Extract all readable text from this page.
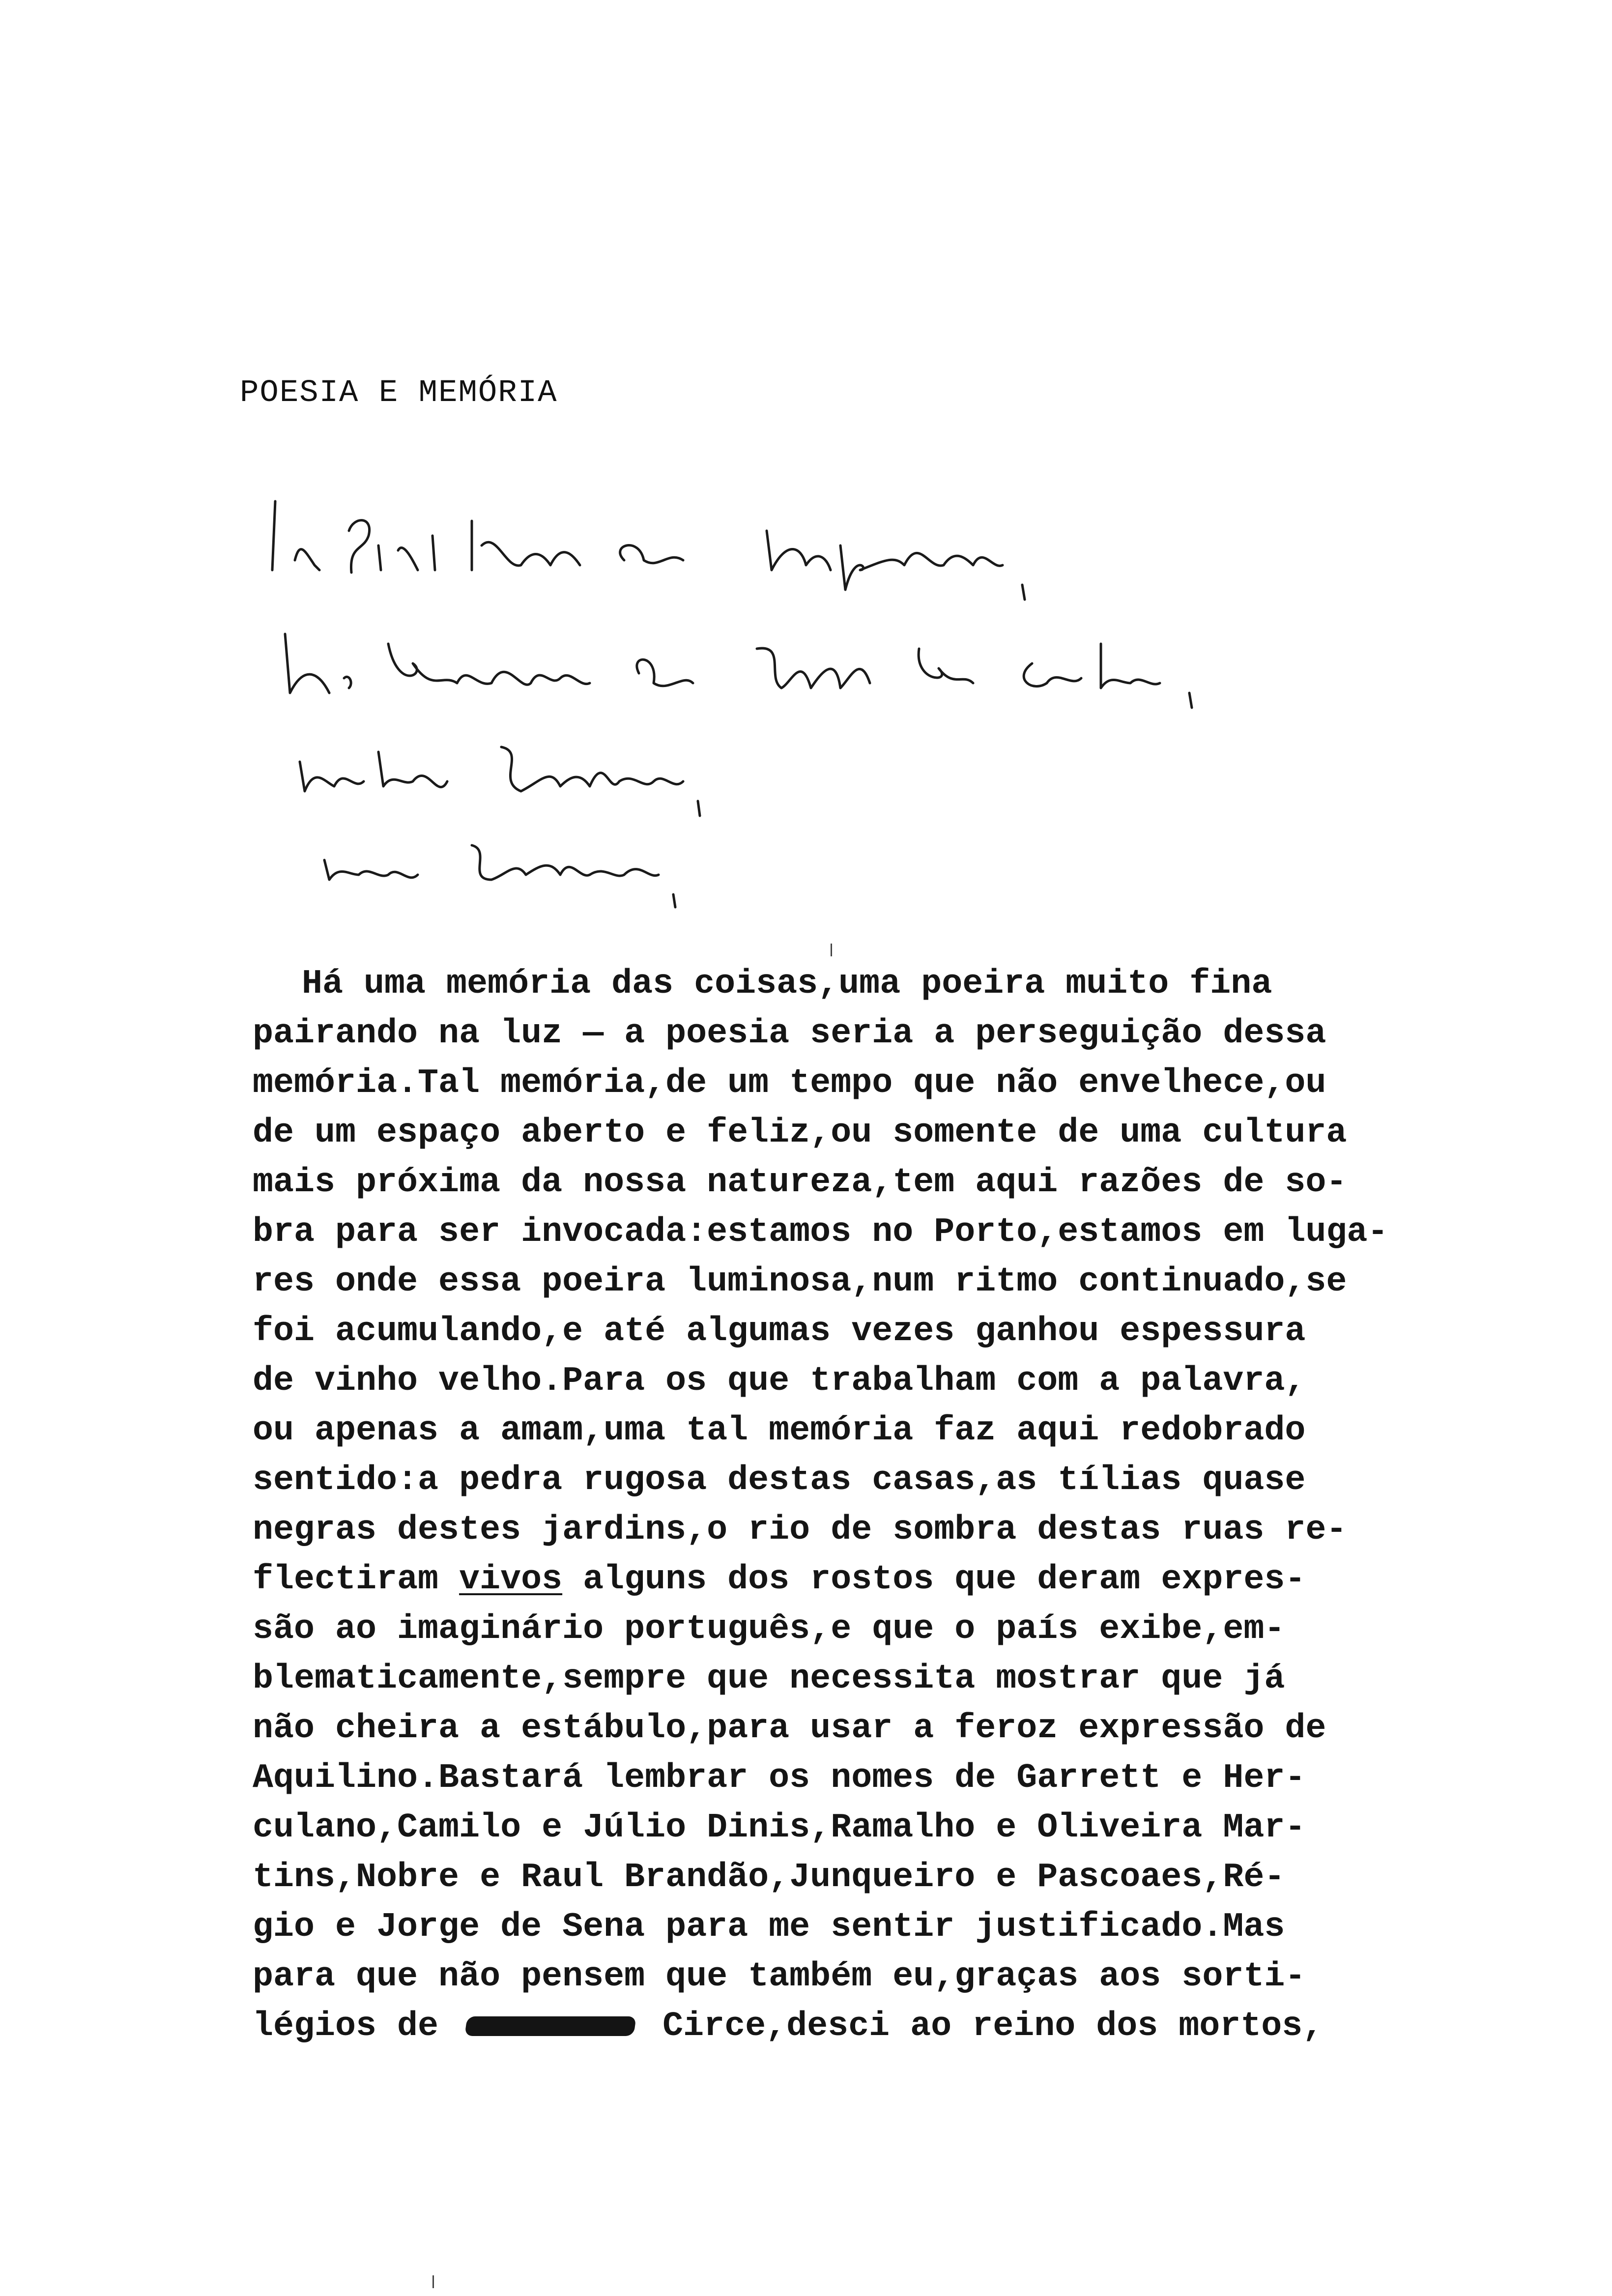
POESIA E MEMÓRIA
Há uma memória das coisas,uma poeira muito fina
pairando na luz — a poesia seria a perseguição dessa
memória.Tal memória,de um tempo que não envelhece,ou
de um espaço aberto e feliz,ou somente de uma cultura
mais próxima da nossa natureza,tem aqui razões de so-
bra para ser invocada:estamos no Porto,estamos em luga-
res onde essa poeira luminosa,num ritmo continuado,se
foi acumulando,e até algumas vezes ganhou espessura
de vinho velho.Para os que trabalham com a palavra,
ou apenas a amam,uma tal memória faz aqui redobrado
sentido:a pedra rugosa destas casas,as tílias quase
negras destes jardins,o rio de sombra destas ruas re-
flectiram vivos alguns dos rostos que deram expres-
são ao imaginário português,e que o país exibe,em-
blematicamente,sempre que necessita mostrar que já
não cheira a estábulo,para usar a feroz expressão de
Aquilino.Bastará lembrar os nomes de Garrett e Her-
culano,Camilo e Júlio Dinis,Ramalho e Oliveira Mar-
tins,Nobre e Raul Brandão,Junqueiro e Pascoaes,Ré-
gio e Jorge de Sena para me sentir justificado.Mas
para que não pensem que também eu,graças aos sorti-
légios de	Circe,desci ao reino dos mortos,
